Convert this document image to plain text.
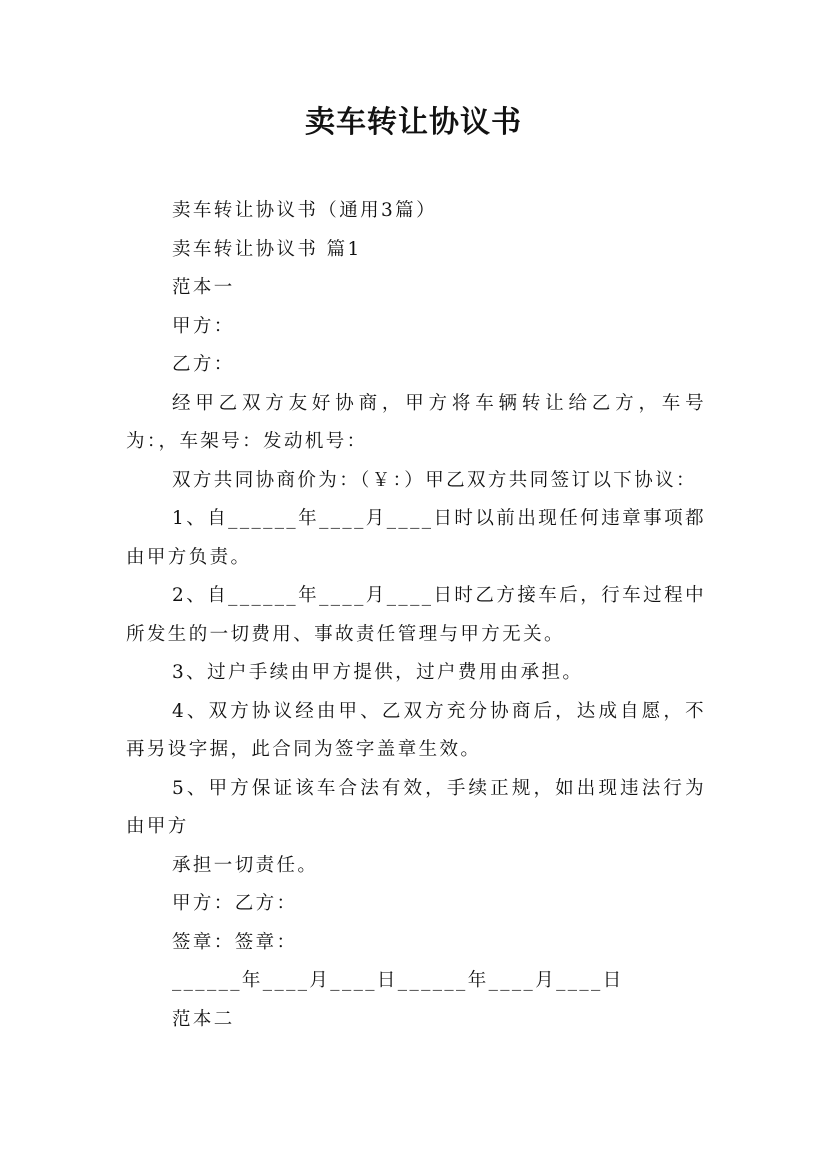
卖车转让协议书

卖车转让协议书（通用3篇）

卖车转让协议书 篇1

范本一

甲方：

乙方：

经甲乙双方友好协商，甲方将车辆转让给乙方，车号为：，车架号：发动机号：

双方共同协商价为：（￥：）甲乙双方共同签订以下协议：

1、自______年____月____日时以前出现任何违章事项都由甲方负责。

2、自______年____月____日时乙方接车后，行车过程中所发生的一切费用、事故责任管理与甲方无关。

3、过户手续由甲方提供，过户费用由承担。

4、双方协议经由甲、乙双方充分协商后，达成自愿，不再另设字据，此合同为签字盖章生效。

5、甲方保证该车合法有效，手续正规，如出现违法行为由甲方

承担一切责任。

甲方：乙方：

签章：签章：

______年____月____日______年____月____日

范本二
